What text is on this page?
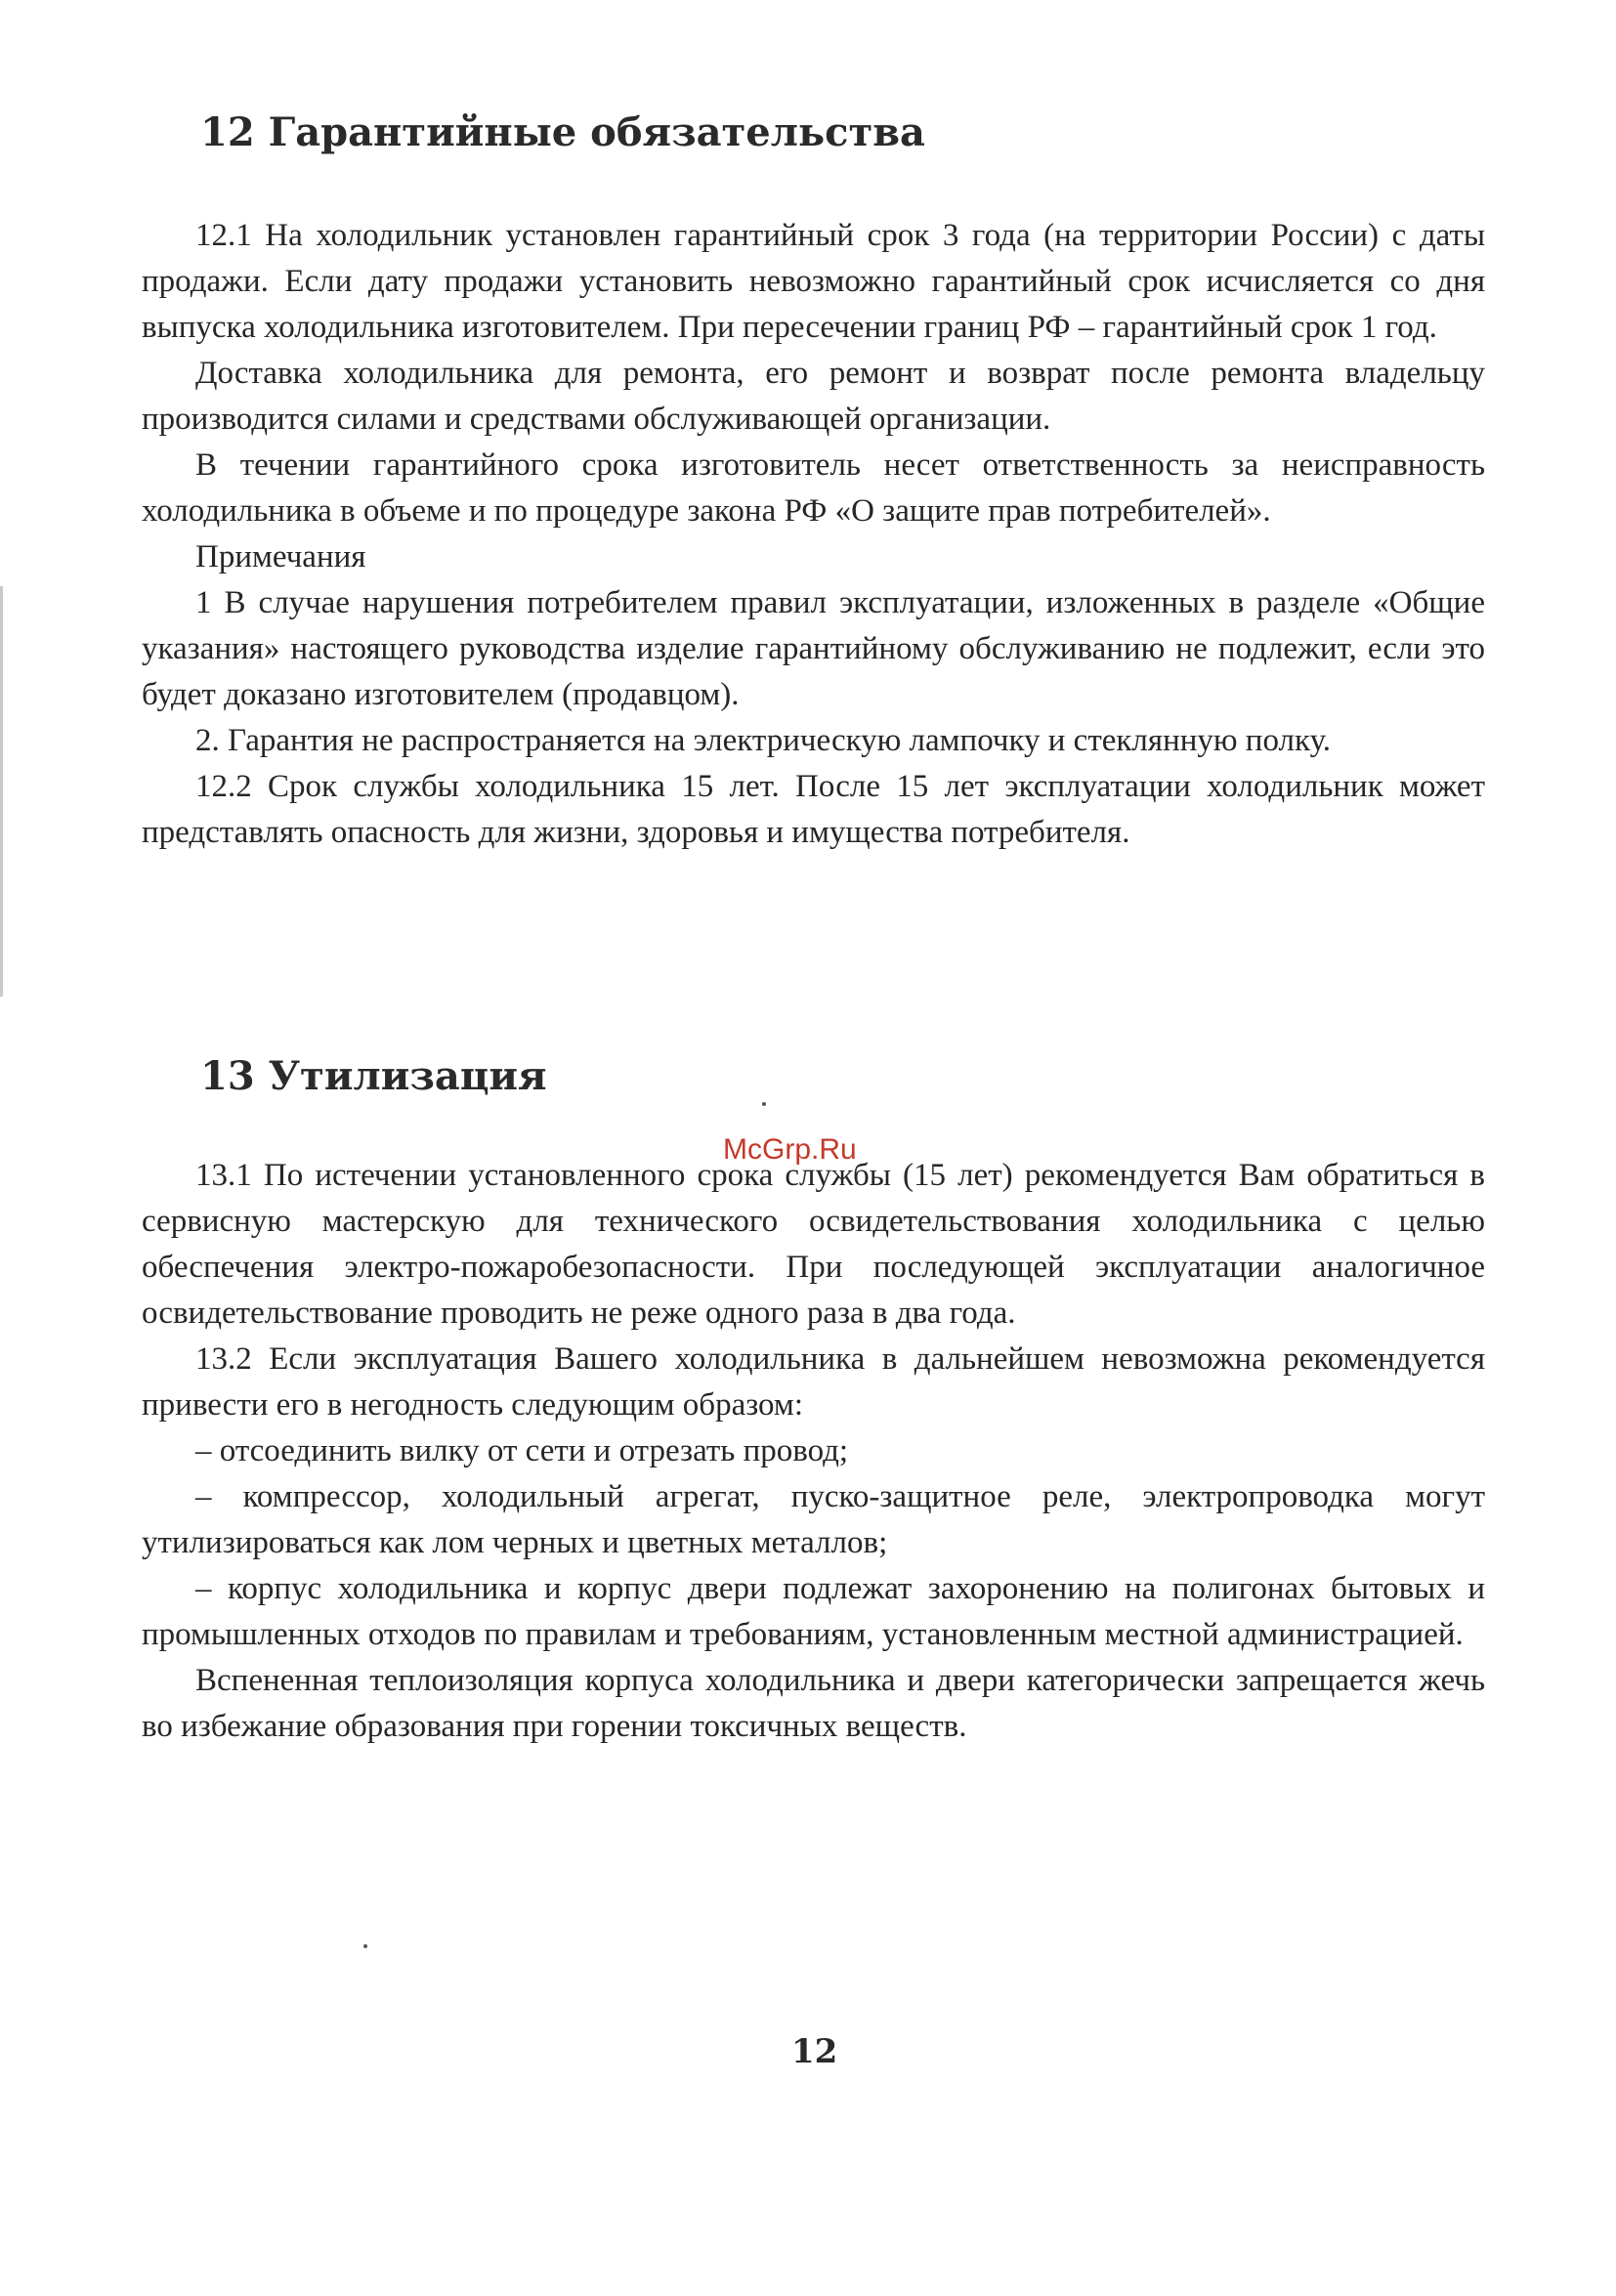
12 Гарантийные обязательства

12.1 На холодильник установлен гарантийный срок 3 года (на территории России) с даты продажи. Если дату продажи установить невозможно гарантийный срок исчисляется со дня выпуска холодильника изготовителем. При пересечении границ РФ – гарантийный срок 1 год.

Доставка холодильника для ремонта, его ремонт и возврат после ремонта владельцу производится силами и средствами обслуживающей организации.

В течении гарантийного срока изготовитель несет ответственность за неисправность холодильника в объеме и по процедуре закона РФ «О защите прав потребителей».

Примечания

1 В случае нарушения потребителем правил эксплуатации, изложенных в разделе «Общие указания» настоящего руководства изделие гарантийному обслуживанию не подлежит, если это будет доказано изготовителем (продавцом).

2. Гарантия не распространяется на электрическую лампочку и стеклянную полку.

12.2 Срок службы холодильника 15 лет. После 15 лет эксплуатации холодильник может представлять опасность для жизни, здоровья и имущества потребителя.

13 Утилизация
McGrp.Ru

13.1 По истечении установленного срока службы (15 лет) рекомендуется Вам обратиться в сервисную мастерскую для технического освидетельствования холодильника с целью обеспечения электро-пожаробезопасности. При последующей эксплуатации аналогичное освидетельствование проводить не реже одного раза в два года.

13.2 Если эксплуатация Вашего холодильника в дальнейшем невозможна рекомендуется привести его в негодность следующим образом:

– отсоединить вилку от сети и отрезать провод;

– компрессор, холодильный агрегат, пуско-защитное реле, электропроводка могут утилизироваться как лом черных и цветных металлов;

– корпус холодильника и корпус двери подлежат захоронению на полигонах бытовых и промышленных отходов по правилам и требованиям, установленным местной администрацией.

Вспененная теплоизоляция корпуса холодильника и двери категорически запрещается жечь во избежание образования при горении токсичных веществ.

12
